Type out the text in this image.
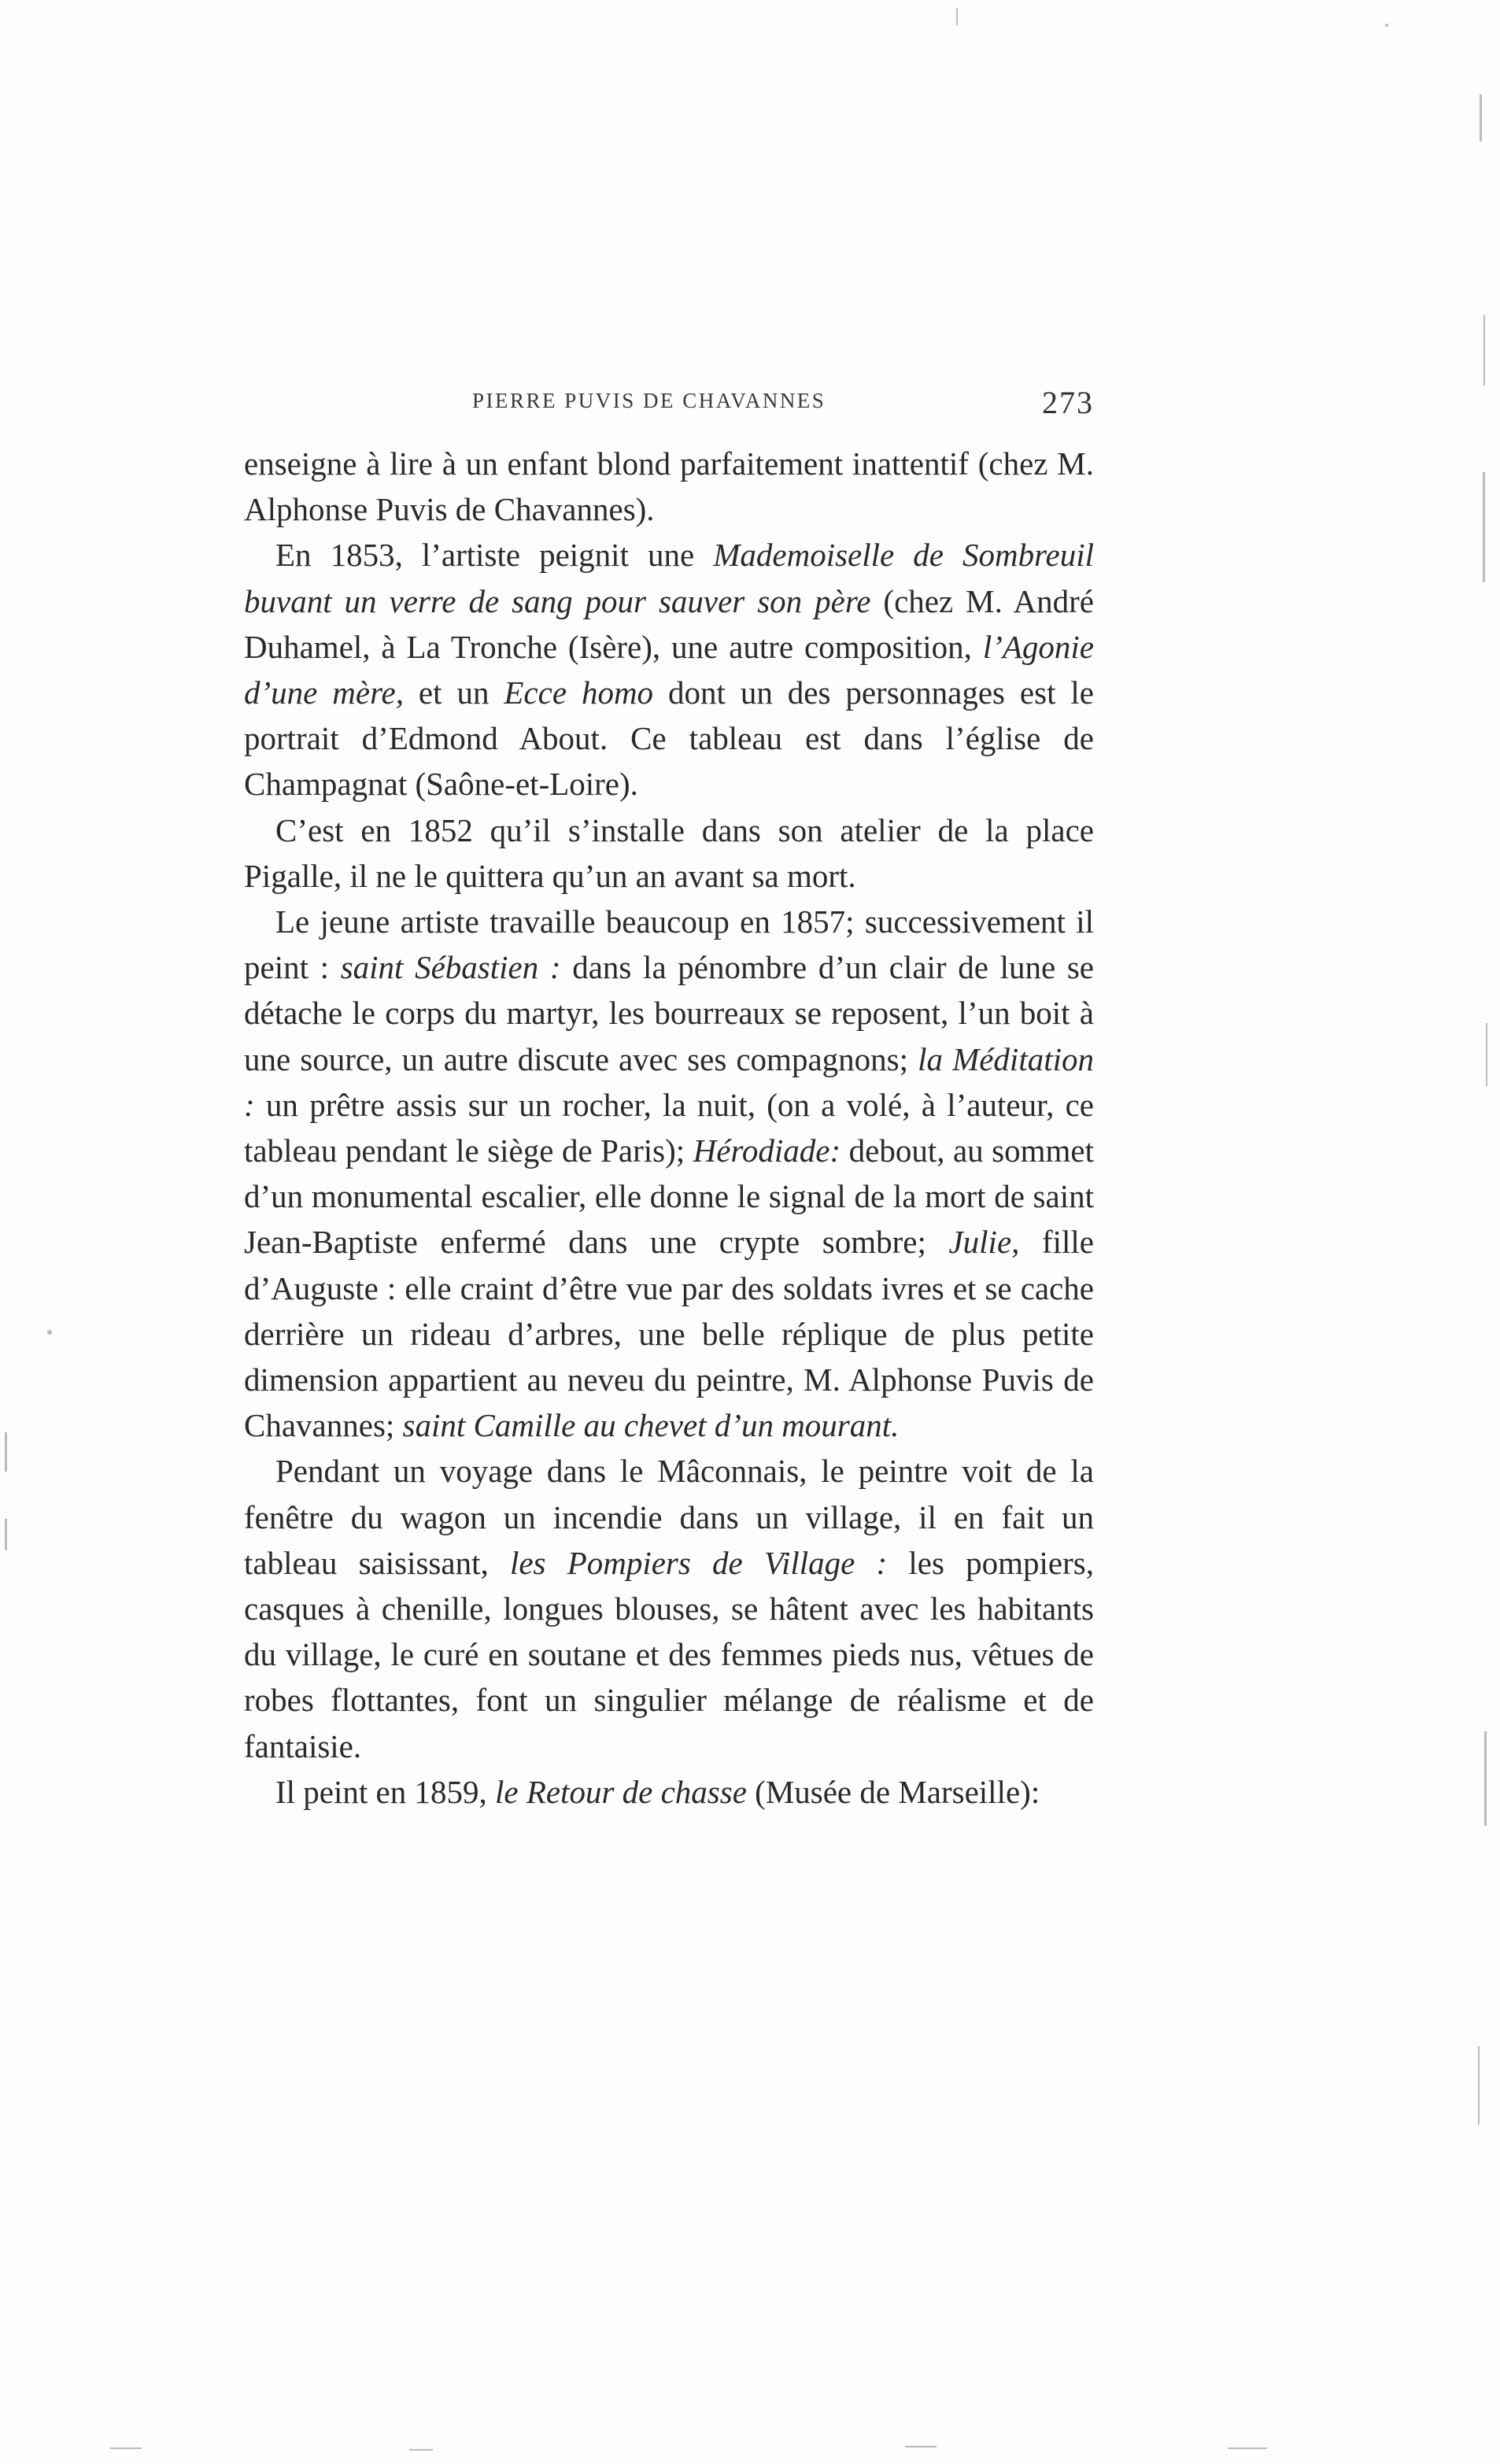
PIERRE PUVIS DE CHAVANNES	273

enseigne à lire à un enfant blond parfaitement inattentif (chez M. Alphonse Puvis de Chavannes).

En 1853, l’artiste peignit une Mademoiselle de Sombreuil buvant un verre de sang pour sauver son père (chez M. André Duhamel, à La Tronche (Isère), une autre composition, l’Agonie d’une mère, et un Ecce homo dont un des personnages est le portrait d’Edmond About. Ce tableau est dans l’église de Champagnat (Saône-et-Loire).

C’est en 1852 qu’il s’installe dans son atelier de la place Pigalle, il ne le quittera qu’un an avant sa mort.

Le jeune artiste travaille beaucoup en 1857; successivement il peint : saint Sébastien : dans la pénombre d’un clair de lune se détache le corps du martyr, les bourreaux se reposent, l’un boit à une source, un autre discute avec ses compagnons; la Méditation : un prêtre assis sur un rocher, la nuit, (on a volé, à l’auteur, ce tableau pendant le siège de Paris); Hérodiade: debout, au sommet d’un monumental escalier, elle donne le signal de la mort de saint Jean-Baptiste enfermé dans une crypte sombre; Julie, fille d’Auguste : elle craint d’être vue par des soldats ivres et se cache derrière un rideau d’arbres, une belle réplique de plus petite dimension appartient au neveu du peintre, M. Alphonse Puvis de Chavannes; saint Camille au chevet d’un mourant.

Pendant un voyage dans le Mâconnais, le peintre voit de la fenêtre du wagon un incendie dans un village, il en fait un tableau saisissant, les Pompiers de Village : les pompiers, casques à chenille, longues blouses, se hâtent avec les habitants du village, le curé en soutane et des femmes pieds nus, vêtues de robes flottantes, font un singulier mélange de réalisme et de fantaisie.

Il peint en 1859, le Retour de chasse (Musée de Marseille):
